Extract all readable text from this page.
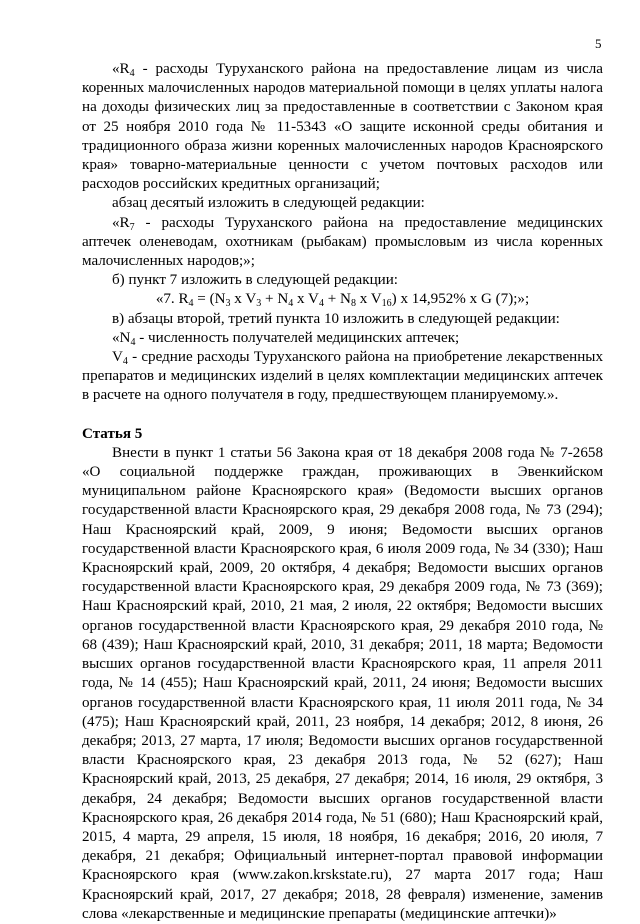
5

«$R_4$ - расходы Туруханского района на предоставление лицам из числа коренных малочисленных народов материальной помощи в целях уплаты налога на доходы физических лиц за предоставленные в соответствии с Законом края от 25 ноября 2010 года № 11-5343 «О защите исконной среды обитания и традиционного образа жизни коренных малочисленных народов Красноярского края» товарно-материальные ценности с учетом почтовых расходов или расходов российских кредитных организаций;

абзац десятый изложить в следующей редакции:

«$R_7$ - расходы Туруханского района на предоставление медицинских аптечек оленеводам, охотникам (рыбакам) промысловым из числа коренных малочисленных народов;»;

б) пункт 7 изложить в следующей редакции:

«7. $R_4 = (N_3$ x $V_3 + N_4$ x $V_4 + N_8$ x $V_{16}$) x 14,952% x G (7);»;

в) абзацы второй, третий пункта 10 изложить в следующей редакции:

«$N_4$ - численность получателей медицинских аптечек;

$V_4$ - средние расходы Туруханского района на приобретение лекарственных препаратов и медицинских изделий в целях комплектации медицинских аптечек в расчете на одного получателя в году, предшествующем планируемому.».

Статья 5

Внести в пункт 1 статьи 56 Закона края от 18 декабря 2008 года № 7-2658 «О социальной поддержке граждан, проживающих в Эвенкийском муниципальном районе Красноярского края» (Ведомости высших органов государственной власти Красноярского края, 29 декабря 2008 года, № 73 (294); Наш Красноярский край, 2009, 9 июня; Ведомости высших органов государственной власти Красноярского края, 6 июля 2009 года, № 34 (330); Наш Красноярский край, 2009, 20 октября, 4 декабря; Ведомости высших органов государственной власти Красноярского края, 29 декабря 2009 года, № 73 (369); Наш Красноярский край, 2010, 21 мая, 2 июля, 22 октября; Ведомости высших органов государственной власти Красноярского края, 29 декабря 2010 года, № 68 (439); Наш Красноярский край, 2010, 31 декабря; 2011, 18 марта; Ведомости высших органов государственной власти Красноярского края, 11 апреля 2011 года, № 14 (455); Наш Красноярский край, 2011, 24 июня; Ведомости высших органов государственной власти Красноярского края, 11 июля 2011 года, № 34 (475); Наш Красноярский край, 2011, 23 ноября, 14 декабря; 2012, 8 июня, 26 декабря; 2013, 27 марта, 17 июля; Ведомости высших органов государственной власти Красноярского края, 23 декабря 2013 года, № 52 (627); Наш Красноярский край, 2013, 25 декабря, 27 декабря; 2014, 16 июля, 29 октября, 3 декабря, 24 декабря; Ведомости высших органов государственной власти Красноярского края, 26 декабря 2014 года, № 51 (680); Наш Красноярский край, 2015, 4 марта, 29 апреля, 15 июля, 18 ноября, 16 декабря; 2016, 20 июля, 7 декабря, 21 декабря; Официальный интернет-портал правовой информации Красноярского края (www.zakon.krskstate.ru), 27 марта 2017 года; Наш Красноярский край, 2017, 27 декабря; 2018, 28 февраля) изменение, заменив слова «лекарственные и медицинские препараты (медицинские аптечки)»
